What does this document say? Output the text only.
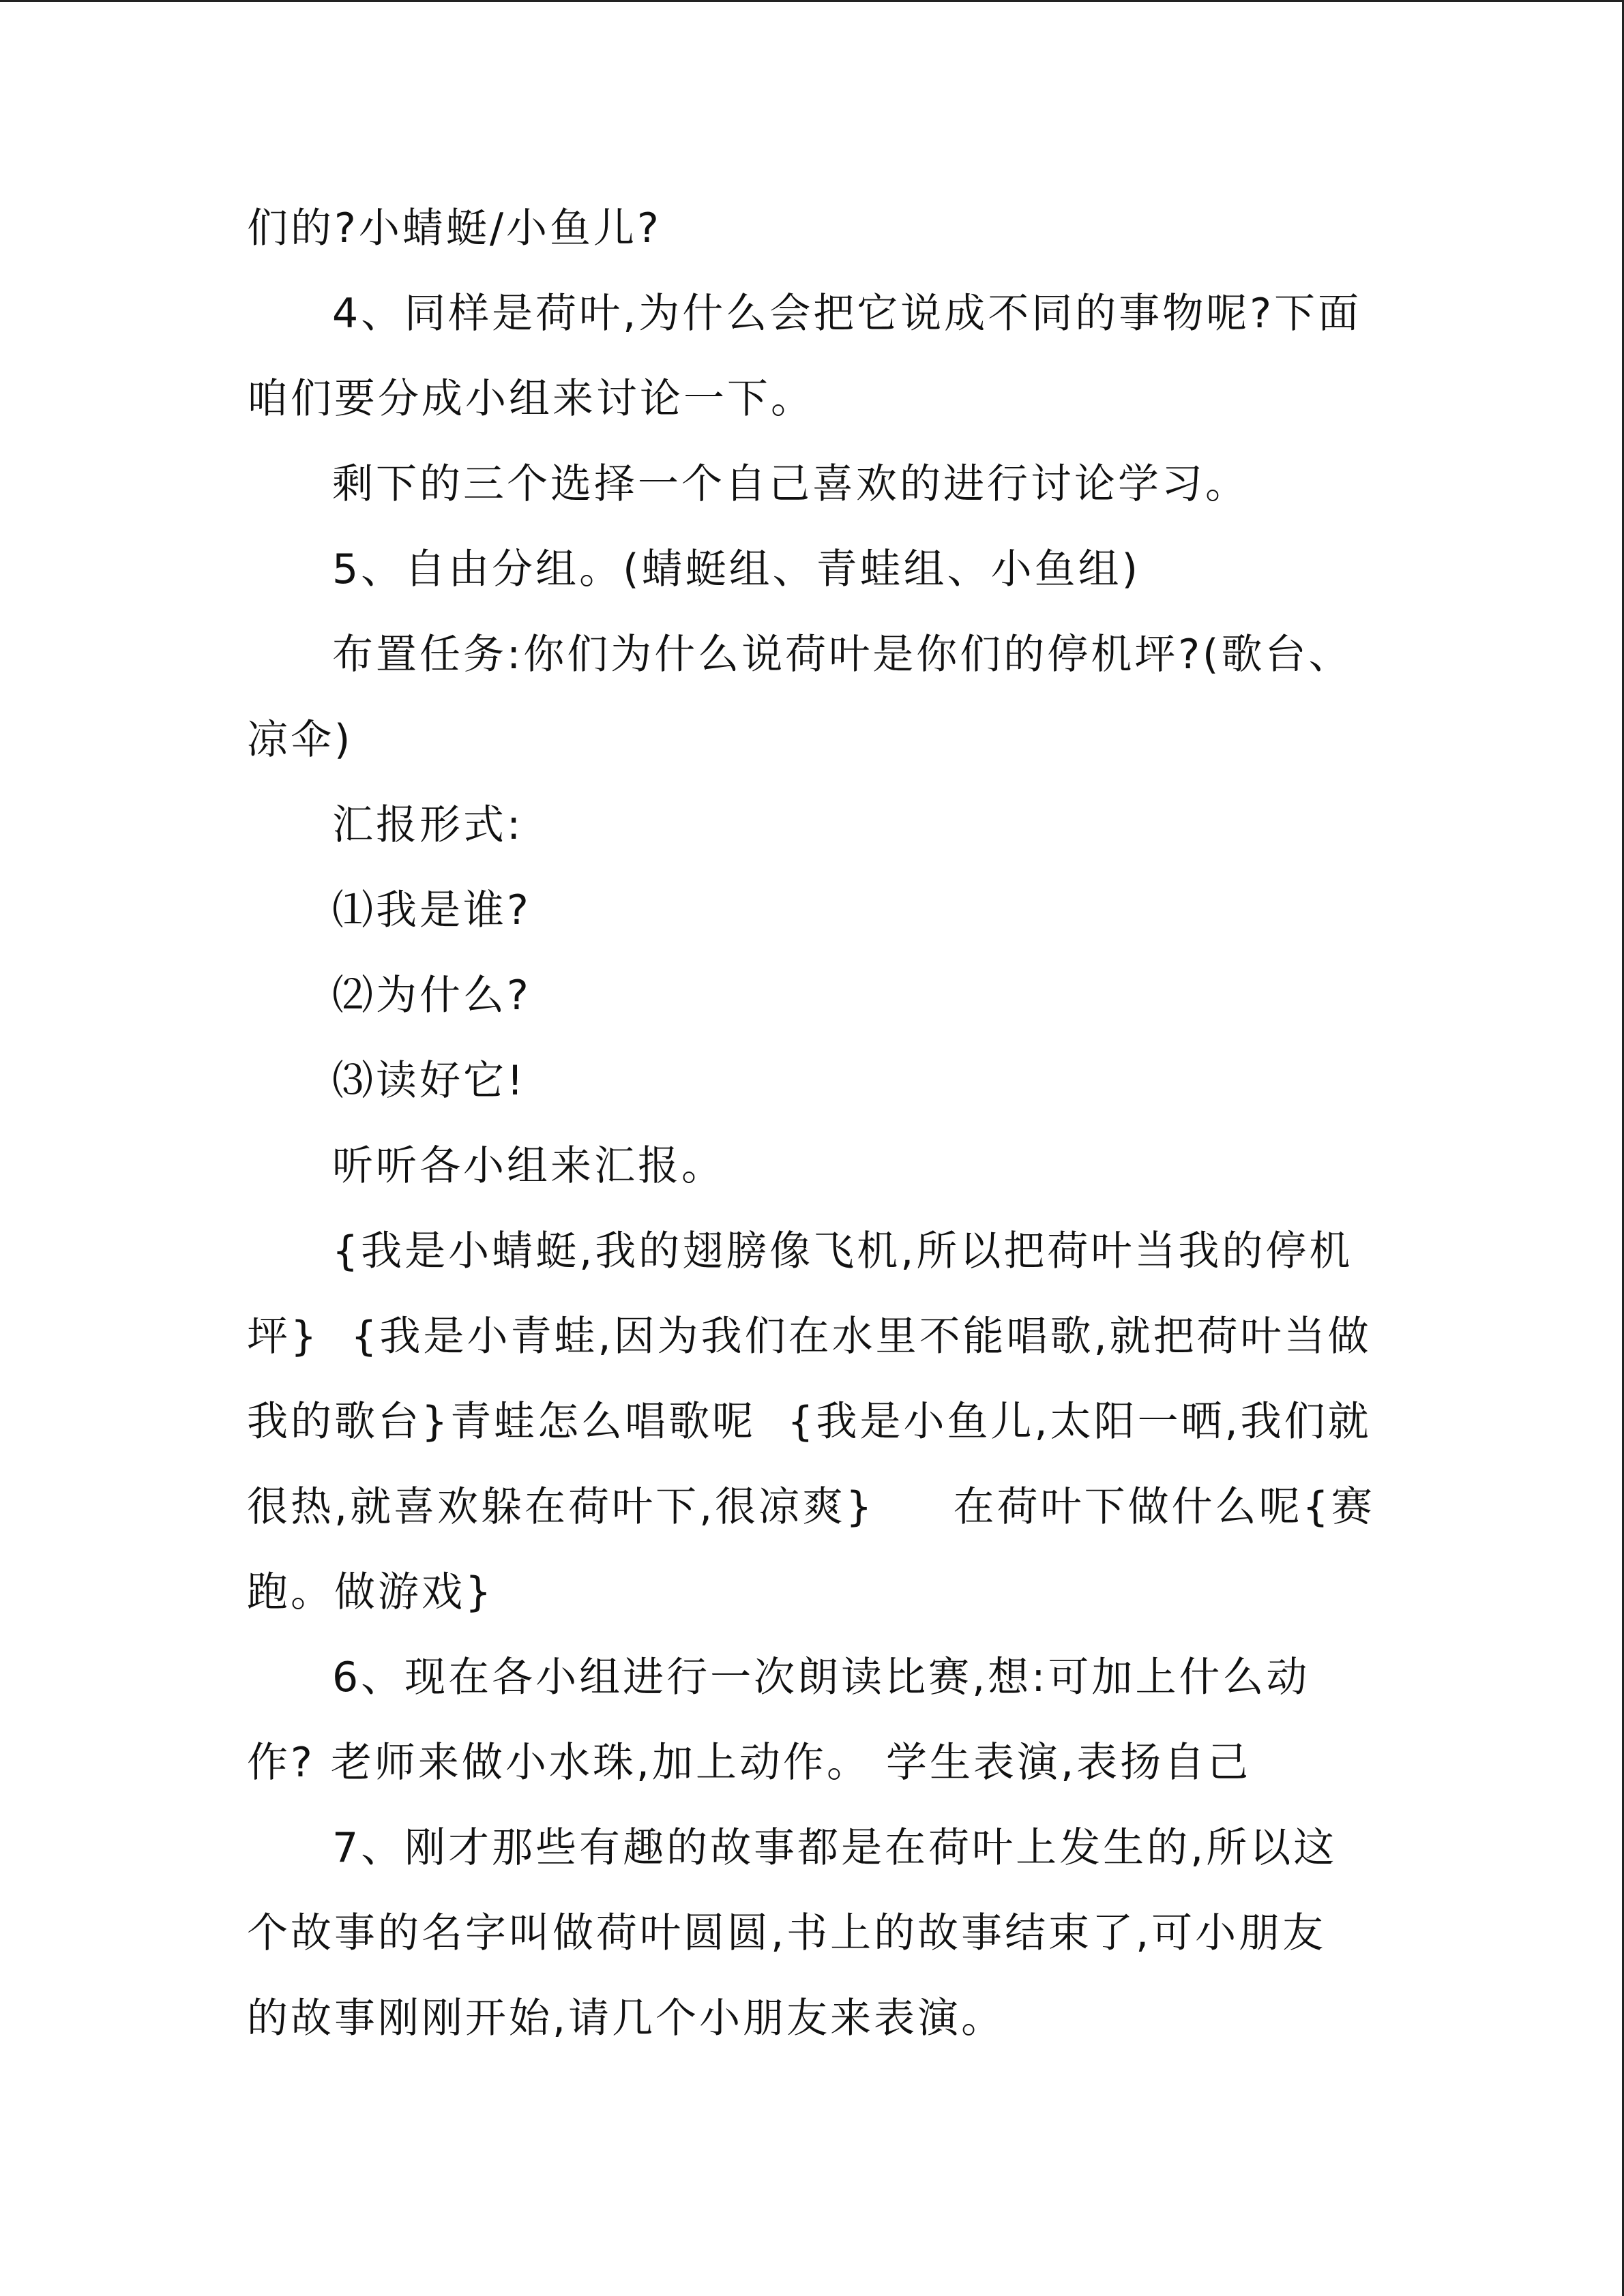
们的?小蜻蜓/小鱼儿?
4、同样是荷叶,为什么会把它说成不同的事物呢?下面
咱们要分成小组来讨论一下。
剩下的三个选择一个自己喜欢的进行讨论学习。
5、自由分组。(蜻蜓组、青蛙组、小鱼组)
布置任务:你们为什么说荷叶是你们的停机坪?(歌台、
凉伞)
汇报形式:
⑴我是谁?
⑵为什么?
⑶读好它!
听听各小组来汇报。
{我是小蜻蜓,我的翅膀像飞机,所以把荷叶当我的停机
坪}  {我是小青蛙,因为我们在水里不能唱歌,就把荷叶当做
我的歌台}青蛙怎么唱歌呢  {我是小鱼儿,太阳一晒,我们就
很热,就喜欢躲在荷叶下,很凉爽}     在荷叶下做什么呢{赛
跑。做游戏}
6、现在各小组进行一次朗读比赛,想:可加上什么动
作? 老师来做小水珠,加上动作。 学生表演,表扬自己
7、刚才那些有趣的故事都是在荷叶上发生的,所以这
个故事的名字叫做荷叶圆圆,书上的故事结束了,可小朋友
的故事刚刚开始,请几个小朋友来表演。
